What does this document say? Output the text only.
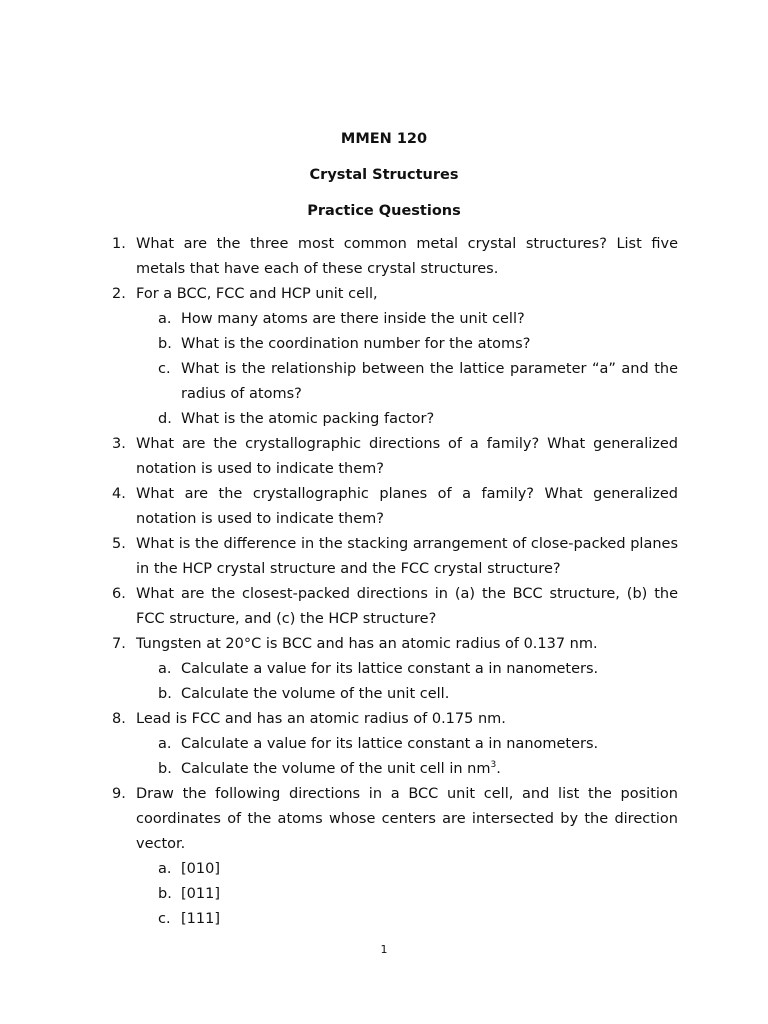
MMEN 120
Crystal Structures
Practice Questions
1. What are the three most common metal crystal structures? List five metals that have each of these crystal structures.
2. For a BCC, FCC and HCP unit cell,
a. How many atoms are there inside the unit cell?
b. What is the coordination number for the atoms?
c. What is the relationship between the lattice parameter “a” and the radius of atoms?
d. What is the atomic packing factor?
3. What are the crystallographic directions of a family? What generalized notation is used to indicate them?
4. What are the crystallographic planes of a family? What generalized notation is used to indicate them?
5. What is the difference in the stacking arrangement of close-packed planes in the HCP crystal structure and the FCC crystal structure?
6. What are the closest-packed directions in (a) the BCC structure, (b) the FCC structure, and (c) the HCP structure?
7. Tungsten at 20°C is BCC and has an atomic radius of 0.137 nm.
a. Calculate a value for its lattice constant a in nanometers.
b. Calculate the volume of the unit cell.
8. Lead is FCC and has an atomic radius of 0.175 nm.
a. Calculate a value for its lattice constant a in nanometers.
b. Calculate the volume of the unit cell in $nm^3$.
9. Draw the following directions in a BCC unit cell, and list the position coordinates of the atoms whose centers are intersected by the direction vector.
a. [010]
b. [011]
c. [111]
1
